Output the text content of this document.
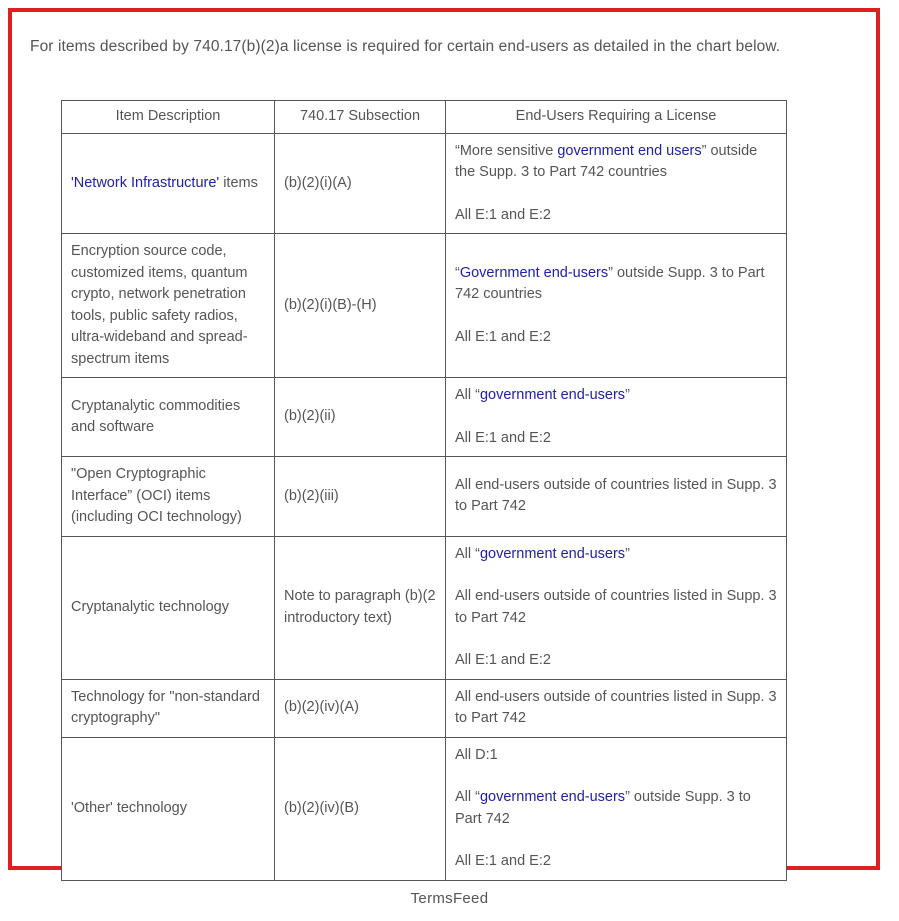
For items described by 740.17(b)(2)a license is required for certain end-users as detailed in the chart below.

Item Description	740.17 Subsection	End-Users Requiring a License
'Network Infrastructure' items	(b)(2)(i)(A)	“More sensitive government end users” outside the Supp. 3 to Part 742 countries
All E:1 and E:2

Encryption source code, customized items, quantum crypto, network penetration tools, public safety radios, ultra-wideband and spread-spectrum items	(b)(2)(i)(B)-(H)	“Government end-users” outside Supp. 3 to Part 742 countries
All E:1 and E:2

Cryptanalytic commodities and software	(b)(2)(ii)	All “government end-users”
All E:1 and E:2

"Open Cryptographic Interface” (OCI) items (including OCI technology)	(b)(2)(iii)	All end-users outside of countries listed in Supp. 3 to Part 742

Cryptanalytic technology	Note to paragraph (b)(2 introductory text)	All “government end-users”
All end-users outside of countries listed in Supp. 3 to Part 742
All E:1 and E:2

Technology for "non-standard cryptography"	(b)(2)(iv)(A)	All end-users outside of countries listed in Supp. 3 to Part 742

'Other' technology	(b)(2)(iv)(B)	All D:1
All “government end-users” outside Supp. 3 to Part 742
All E:1 and E:2
TermsFeed
